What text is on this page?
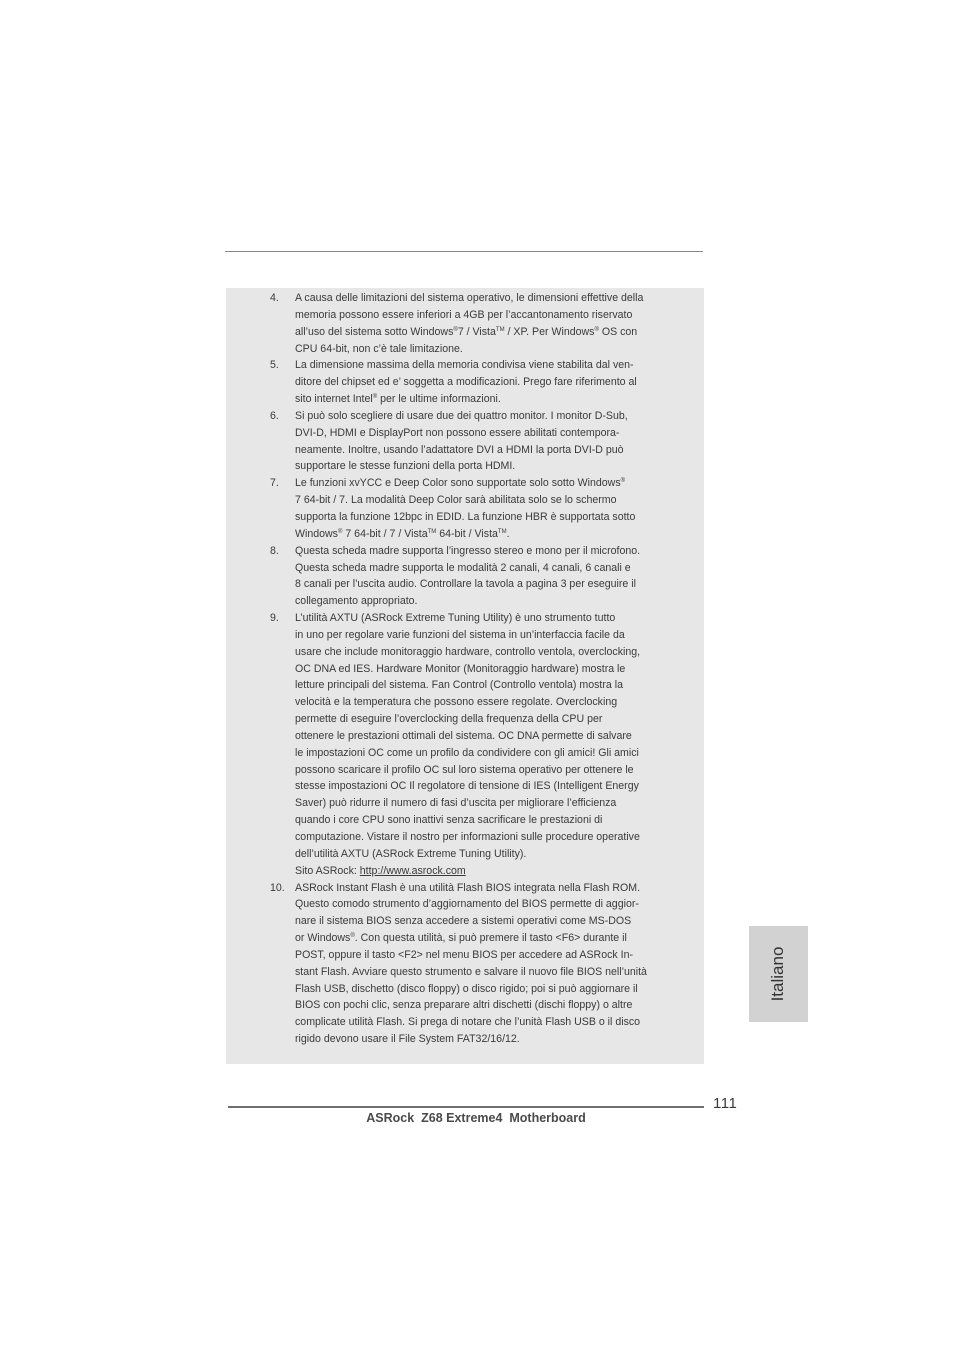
4.	A causa delle limitazioni del sistema operativo, le dimensioni effettive della
memoria possono essere inferiori a 4GB per l’accantonamento riservato
all’uso del sistema sotto Windows®7 / Vista™ / XP. Per Windows® OS con
CPU 64-bit, non c’è tale limitazione.
5.	La dimensione massima della memoria condivisa viene stabilita dal ven-
ditore del chipset ed e’ soggetta a modificazioni. Prego fare riferimento al
sito internet Intel® per le ultime informazioni.
6.	Si può solo scegliere di usare due dei quattro monitor. I monitor D-Sub,
DVI-D, HDMI e DisplayPort non possono essere abilitati contempora-
neamente. Inoltre, usando l’adattatore DVI a HDMI la porta DVI-D può
supportare le stesse funzioni della porta HDMI.
7.	Le funzioni xvYCC e Deep Color sono supportate solo sotto Windows®
7 64-bit / 7. La modalità Deep Color sarà abilitata solo se lo schermo
supporta la funzione 12bpc in EDID. La funzione HBR è supportata sotto
Windows® 7 64-bit / 7 / Vista™ 64-bit / Vista™.
8.	Questa scheda madre supporta l’ingresso stereo e mono per il microfono.
Questa scheda madre supporta le modalità 2 canali, 4 canali, 6 canali e
8 canali per l’uscita audio. Controllare la tavola a pagina 3 per eseguire il
collegamento appropriato.
9.	L’utilità AXTU (ASRock Extreme Tuning Utility) è uno strumento tutto
in uno per regolare varie funzioni del sistema in un’interfaccia facile da
usare che include monitoraggio hardware, controllo ventola, overclocking,
OC DNA ed IES. Hardware Monitor (Monitoraggio hardware) mostra le
letture principali del sistema. Fan Control (Controllo ventola) mostra la
velocità e la temperatura che possono essere regolate. Overclocking
permette di eseguire l’overclocking della frequenza della CPU per
ottenere le prestazioni ottimali del sistema. OC DNA permette di salvare
le impostazioni OC come un profilo da condividere con gli amici! Gli amici
possono scaricare il profilo OC sul loro sistema operativo per ottenere le
stesse impostazioni OC Il regolatore di tensione di IES (Intelligent Energy
Saver) può ridurre il numero di fasi d’uscita per migliorare l’efficienza
quando i core CPU sono inattivi senza sacrificare le prestazioni di
computazione. Vistare il nostro per informazioni sulle procedure operative
dell’utilità AXTU (ASRock Extreme Tuning Utility).
Sito ASRock: http://www.asrock.com
10. ASRock Instant Flash è una utilità Flash BIOS integrata nella Flash ROM.
Questo comodo strumento d’aggiornamento del BIOS permette di aggior-
nare il sistema BIOS senza accedere a sistemi operativi come MS-DOS
or Windows®. Con questa utilità, si può premere il tasto <F6> durante il
POST, oppure il tasto <F2> nel menu BIOS per accedere ad ASRock In-
stant Flash. Avviare questo strumento e salvare il nuovo file BIOS nell’unità
Flash USB, dischetto (disco floppy) o disco rigido; poi si può aggiornare il
BIOS con pochi clic, senza preparare altri dischetti (dischi floppy) o altre
complicate utilità Flash. Si prega di notare che l’unità Flash USB o il disco
rigido devono usare il File System FAT32/16/12.
111
ASRock  Z68 Extreme4  Motherboard
Italiano
